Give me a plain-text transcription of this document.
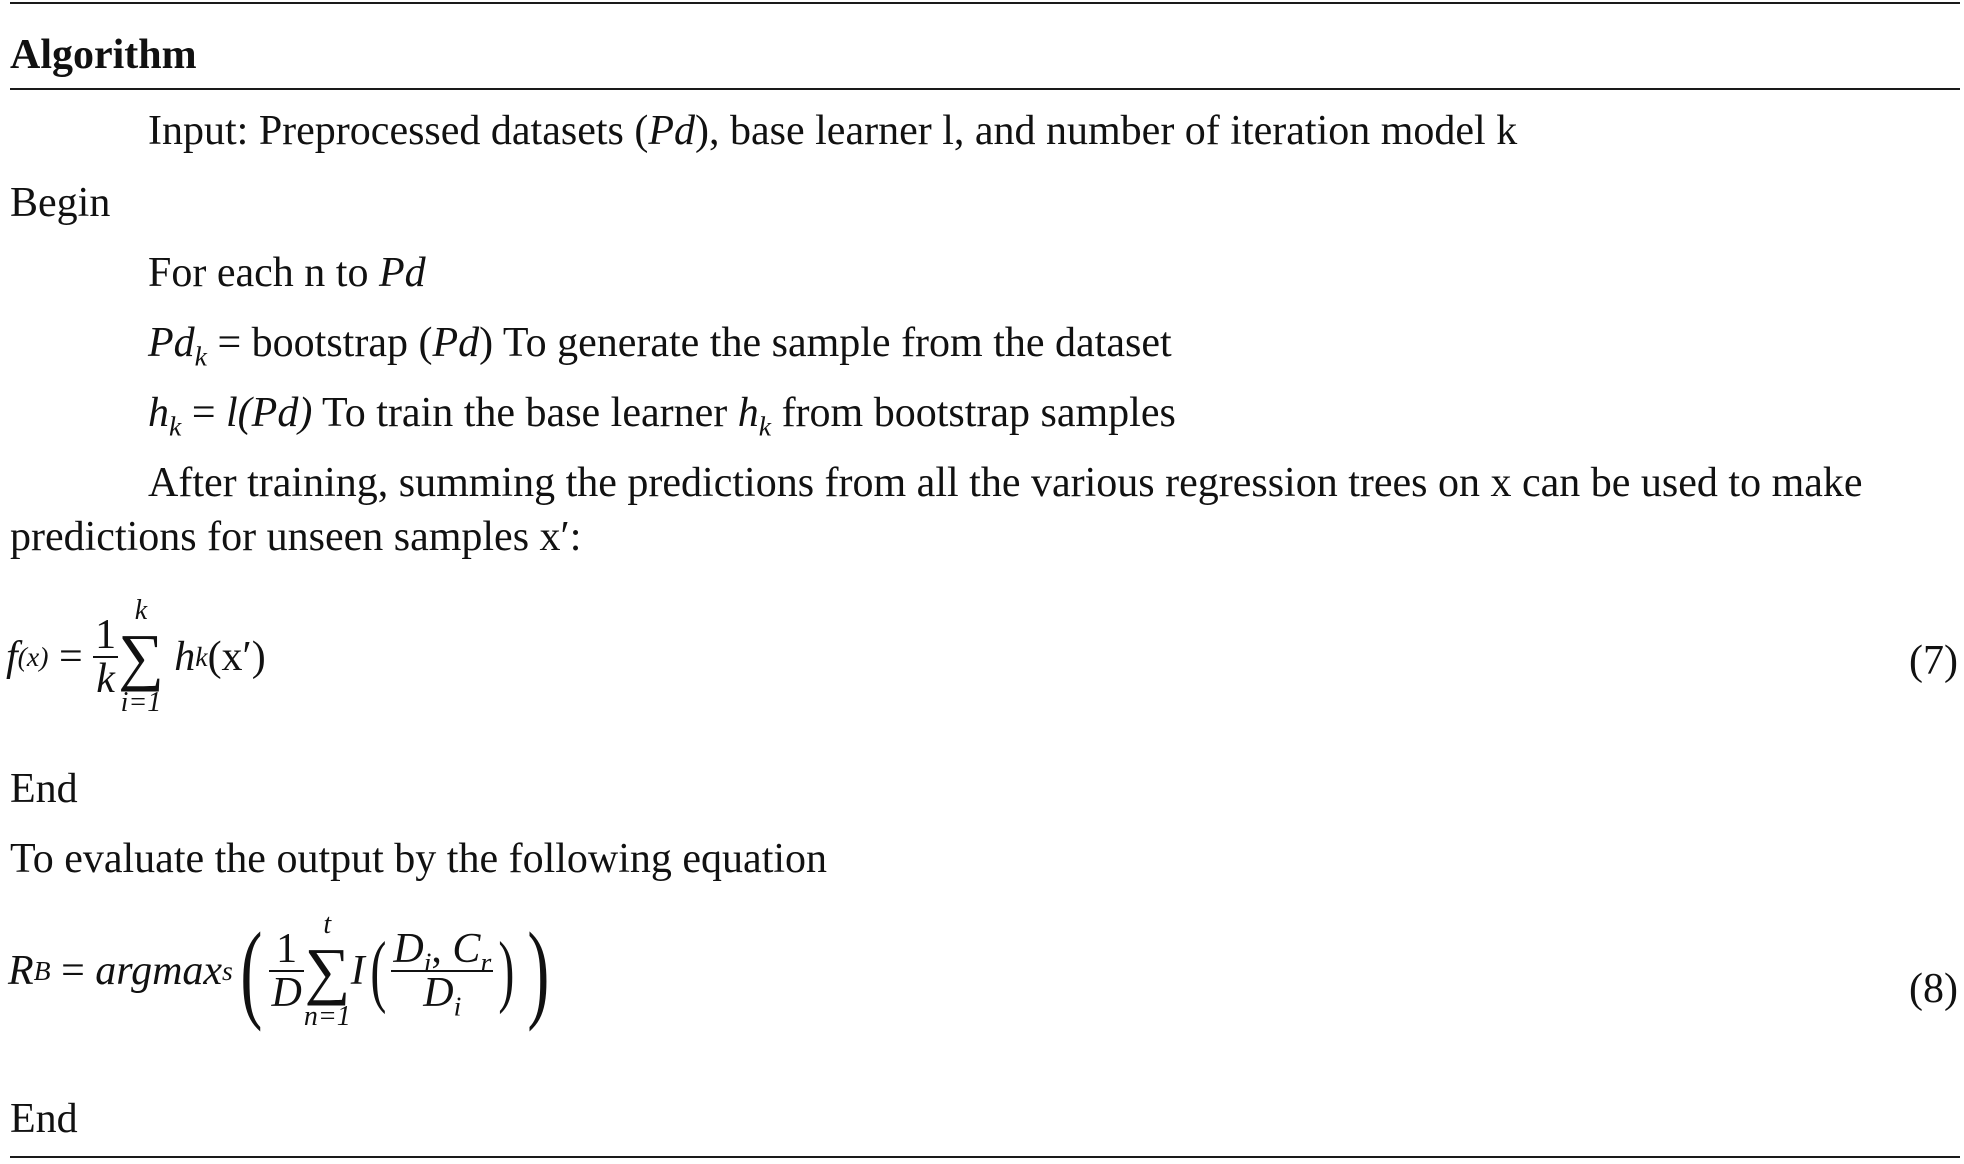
Algorithm
Input: Preprocessed datasets (Pd), base learner l, and number of iteration model k
Begin
For each n to Pd
$Pd_k$ = bootstrap (Pd) To generate the sample from the dataset
$h_k = l(Pd)$ To train the base learner $h_k$ from bootstrap samples
After training, summing the predictions from all the various regression trees on x can be used to make
predictions for unseen samples x′:
$f(x) = \frac{1}{k}$
k
∑
i=1
hk(x′)	(7)
End
To evaluate the output by the following equation
RB = $argmaxs( \frac{1}{D}$
t
∑
n=1
$I( \frac{D_i, C_r}{D_i}$ ) )	(8)
End
